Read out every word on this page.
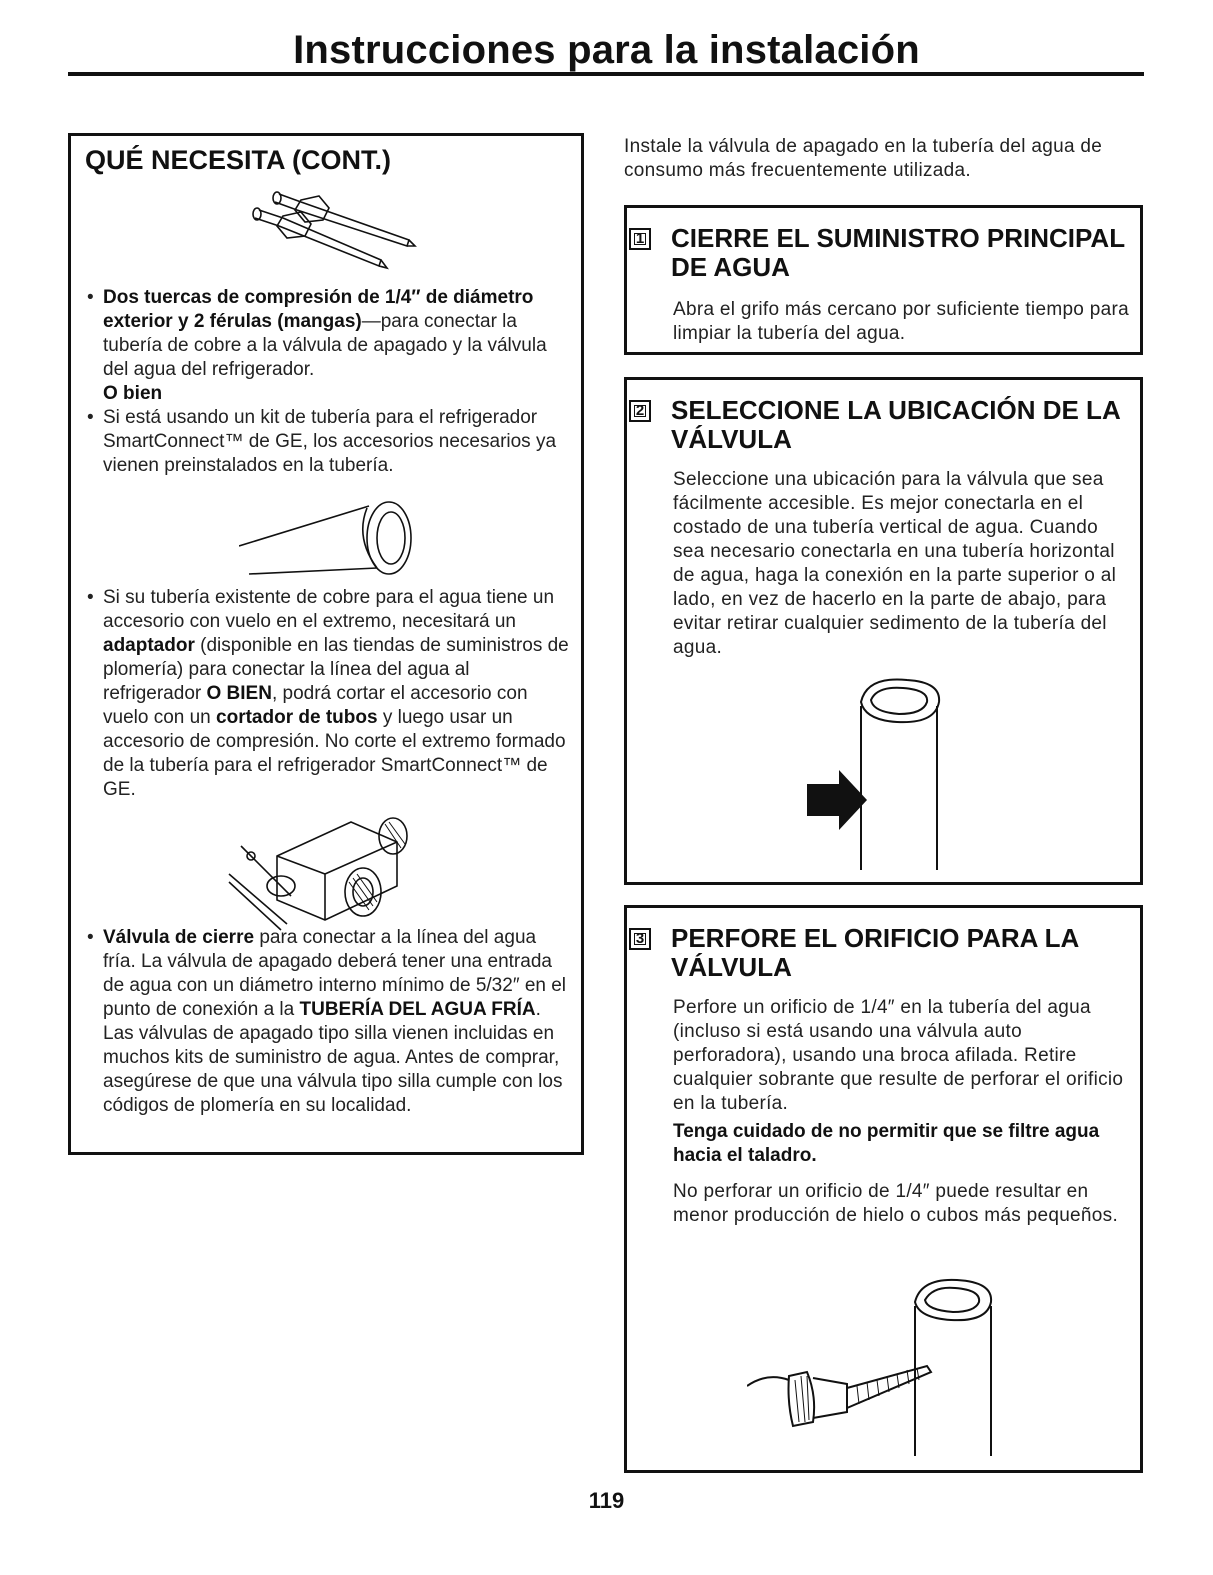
Instrucciones para la instalación
QUÉ NECESITA (CONT.)
• Dos tuercas de compresión de 1/4″ de diámetro exterior y 2 férulas (mangas)—para conectar la tubería de cobre a la válvula de apagado y la válvula del agua del refrigerador.
O bien
• Si está usando un kit de tubería para el refrigerador SmartConnect™ de GE, los accesorios necesarios ya vienen preinstalados en la tubería.
• Si su tubería existente de cobre para el agua tiene un accesorio con vuelo en el extremo, necesitará un adaptador (disponible en las tiendas de suministros de plomería) para conectar la línea del agua al refrigerador O BIEN, podrá cortar el accesorio con vuelo con un cortador de tubos y luego usar un accesorio de compresión. No corte el extremo formado de la tubería para el refrigerador SmartConnect™ de GE.
• Válvula de cierre para conectar a la línea del agua fría. La válvula de apagado deberá tener una entrada de agua con un diámetro interno mínimo de 5/32″ en el punto de conexión a la TUBERÍA DEL AGUA FRÍA. Las válvulas de apagado tipo silla vienen incluidas en muchos kits de suministro de agua. Antes de comprar, asegúrese de que una válvula tipo silla cumple con los códigos de plomería en su localidad.
Instale la válvula de apagado en la tubería del agua de consumo más frecuentemente utilizada.
1 CIERRE EL SUMINISTRO PRINCIPAL DE AGUA
Abra el grifo más cercano por suficiente tiempo para limpiar la tubería del agua.
2 SELECCIONE LA UBICACIÓN DE LA VÁLVULA
Seleccione una ubicación para la válvula que sea fácilmente accesible. Es mejor conectarla en el costado de una tubería vertical de agua. Cuando sea necesario conectarla en una tubería horizontal de agua, haga la conexión en la parte superior o al lado, en vez de hacerlo en la parte de abajo, para evitar retirar cualquier sedimento de la tubería del agua.
3 PERFORE EL ORIFICIO PARA LA VÁLVULA
Perfore un orificio de 1/4″ en la tubería del agua (incluso si está usando una válvula auto perforadora), usando una broca afilada. Retire cualquier sobrante que resulte de perforar el orificio en la tubería.
Tenga cuidado de no permitir que se filtre agua hacia el taladro.
No perforar un orificio de 1/4″ puede resultar en menor producción de hielo o cubos más pequeños.
119
